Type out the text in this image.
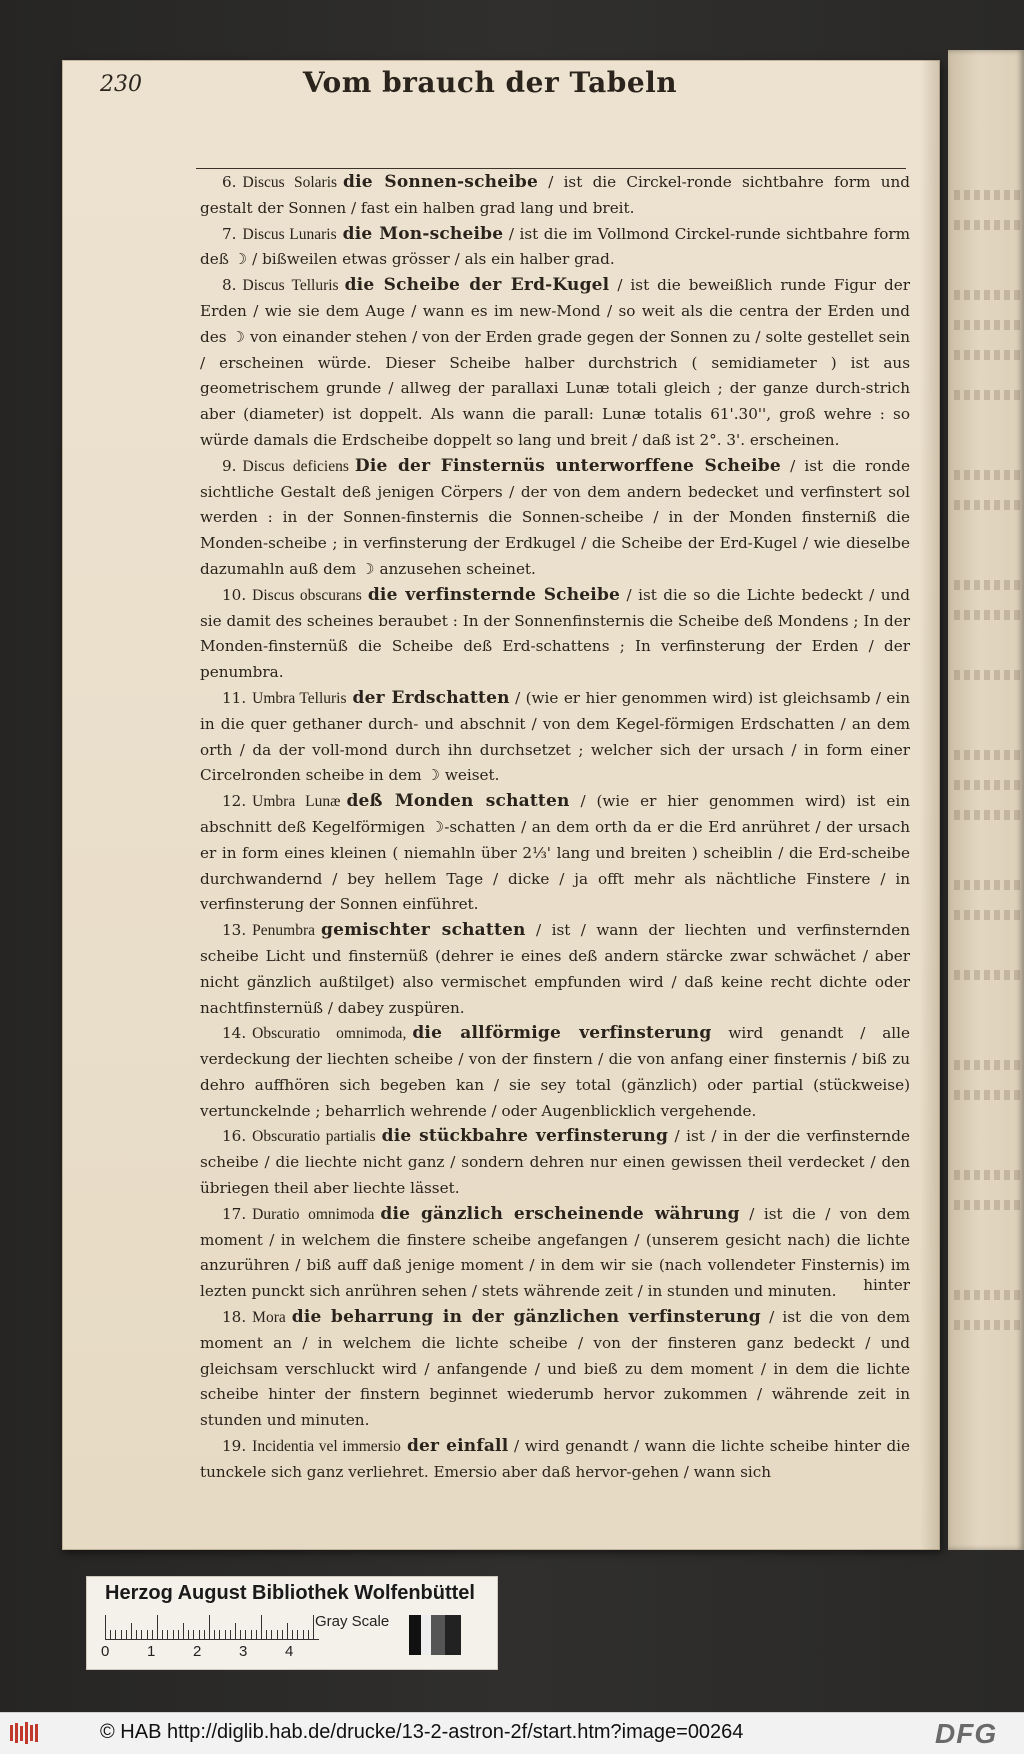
230	Vom brauch der Tabeln

6. Discus Solaris die Sonnen-scheibe / ist die Circkel-ronde sichtbahre form und gestalt der Sonnen / fast ein halben grad lang und breit.

7. Discus Lunaris die Mon-scheibe / ist die im Vollmond Circkel-runde sichtbahre form deß ☽ / bißweilen etwas grösser / als ein halber grad.

8. Discus Telluris die Scheibe der Erd-Kugel / ist die beweißlich runde Figur der Erden / wie sie dem Auge / wann es im new-Mond / so weit als die centra der Erden und des ☽ von einander stehen / von der Erden grade gegen der Sonnen zu / solte gestellet sein / erscheinen würde. Dieser Scheibe halber durchstrich ( semidiameter ) ist aus geometrischem grunde / allweg der parallaxi Lunæ totali gleich ; der ganze durch-strich aber (diameter) ist doppelt. Als wann die parall: Lunæ totalis 61'.30'', groß wehre : so würde damals die Erdscheibe doppelt so lang und breit / daß ist 2°. 3'. erscheinen.

9. Discus deficiens Die der Finsternüs unterworffene Scheibe / ist die ronde sichtliche Gestalt deß jenigen Cörpers / der von dem andern bedecket und verfinstert sol werden : in der Sonnen-finsternis die Sonnen-scheibe / in der Monden finsterniß die Monden-scheibe ; in verfinsterung der Erdkugel / die Scheibe der Erd-Kugel / wie dieselbe dazumahln auß dem ☽ anzusehen scheinet.

10. Discus obscurans die verfinsternde Scheibe / ist die so die Lichte bedeckt / und sie damit des scheines beraubet : In der Sonnenfinsternis die Scheibe deß Mondens ; In der Monden-finsternüß die Scheibe deß Erd-schattens ; In verfinsterung der Erden / der penumbra.

11. Umbra Telluris der Erdschatten / (wie er hier genommen wird) ist gleichsamb / ein in die quer gethaner durch- und abschnit / von dem Kegel-förmigen Erdschatten / an dem orth / da der voll-mond durch ihn durchsetzet ; welcher sich der ursach / in form einer Circelronden scheibe in dem ☽ weiset.

12. Umbra Lunæ deß Monden schatten / (wie er hier genommen wird) ist ein abschnitt deß Kegelförmigen ☽-schatten / an dem orth da er die Erd anrühret / der ursach er in form eines kleinen ( niemahln über 2⅓' lang und breiten ) scheiblin / die Erd-scheibe durchwandernd / bey hellem Tage / dicke / ja offt mehr als nächtliche Finstere / in verfinsterung der Sonnen einführet.

13. Penumbra gemischter schatten / ist / wann der liechten und verfinsternden scheibe Licht und finsternüß (dehrer ie eines deß andern stärcke zwar schwächet / aber nicht gänzlich außtilget) also vermischet empfunden wird / daß keine recht dichte oder nachtfinsternüß / dabey zuspüren.

14. Obscuratio omnimoda, die allförmige verfinsterung wird genandt / alle verdeckung der liechten scheibe / von der finstern / die von anfang einer finsternis / biß zu dehro auffhören sich begeben kan / sie sey total (gänzlich) oder partial (stückweise) vertunckelnde ; beharrlich wehrende / oder Augenblicklich vergehende.

16. Obscuratio partialis die stückbahre verfinsterung / ist / in der die verfinsternde scheibe / die liechte nicht ganz / sondern dehren nur einen gewissen theil verdecket / den übriegen theil aber liechte lässet.

17. Duratio omnimoda die gänzlich erscheinende währung / ist die / von dem moment / in welchem die finstere scheibe angefangen / (unserem gesicht nach) die lichte anzurühren / biß auff daß jenige moment / in dem wir sie (nach vollendeter Finsternis) im lezten punckt sich anrühren sehen / stets währende zeit / in stunden und minuten.

18. Mora die beharrung in der gänzlichen verfinsterung / ist die von dem moment an / in welchem die lichte scheibe / von der finsteren ganz bedeckt / und gleichsam verschluckt wird / anfangende / und bieß zu dem moment / in dem die lichte scheibe hinter der finstern beginnet wiederumb hervor zukommen / währende zeit in stunden und minuten.

19. Incidentia vel immersio der einfall / wird genandt / wann die lichte scheibe hinter die tunckele sich ganz verliehret. Emersio aber daß hervor-gehen / wann sich

hinter
Herzog August Bibliothek Wolfenbüttel
0	1	2	3	4
Gray Scale
© HAB http://diglib.hab.de/drucke/13-2-astron-2f/start.htm?image=00264	DFG
